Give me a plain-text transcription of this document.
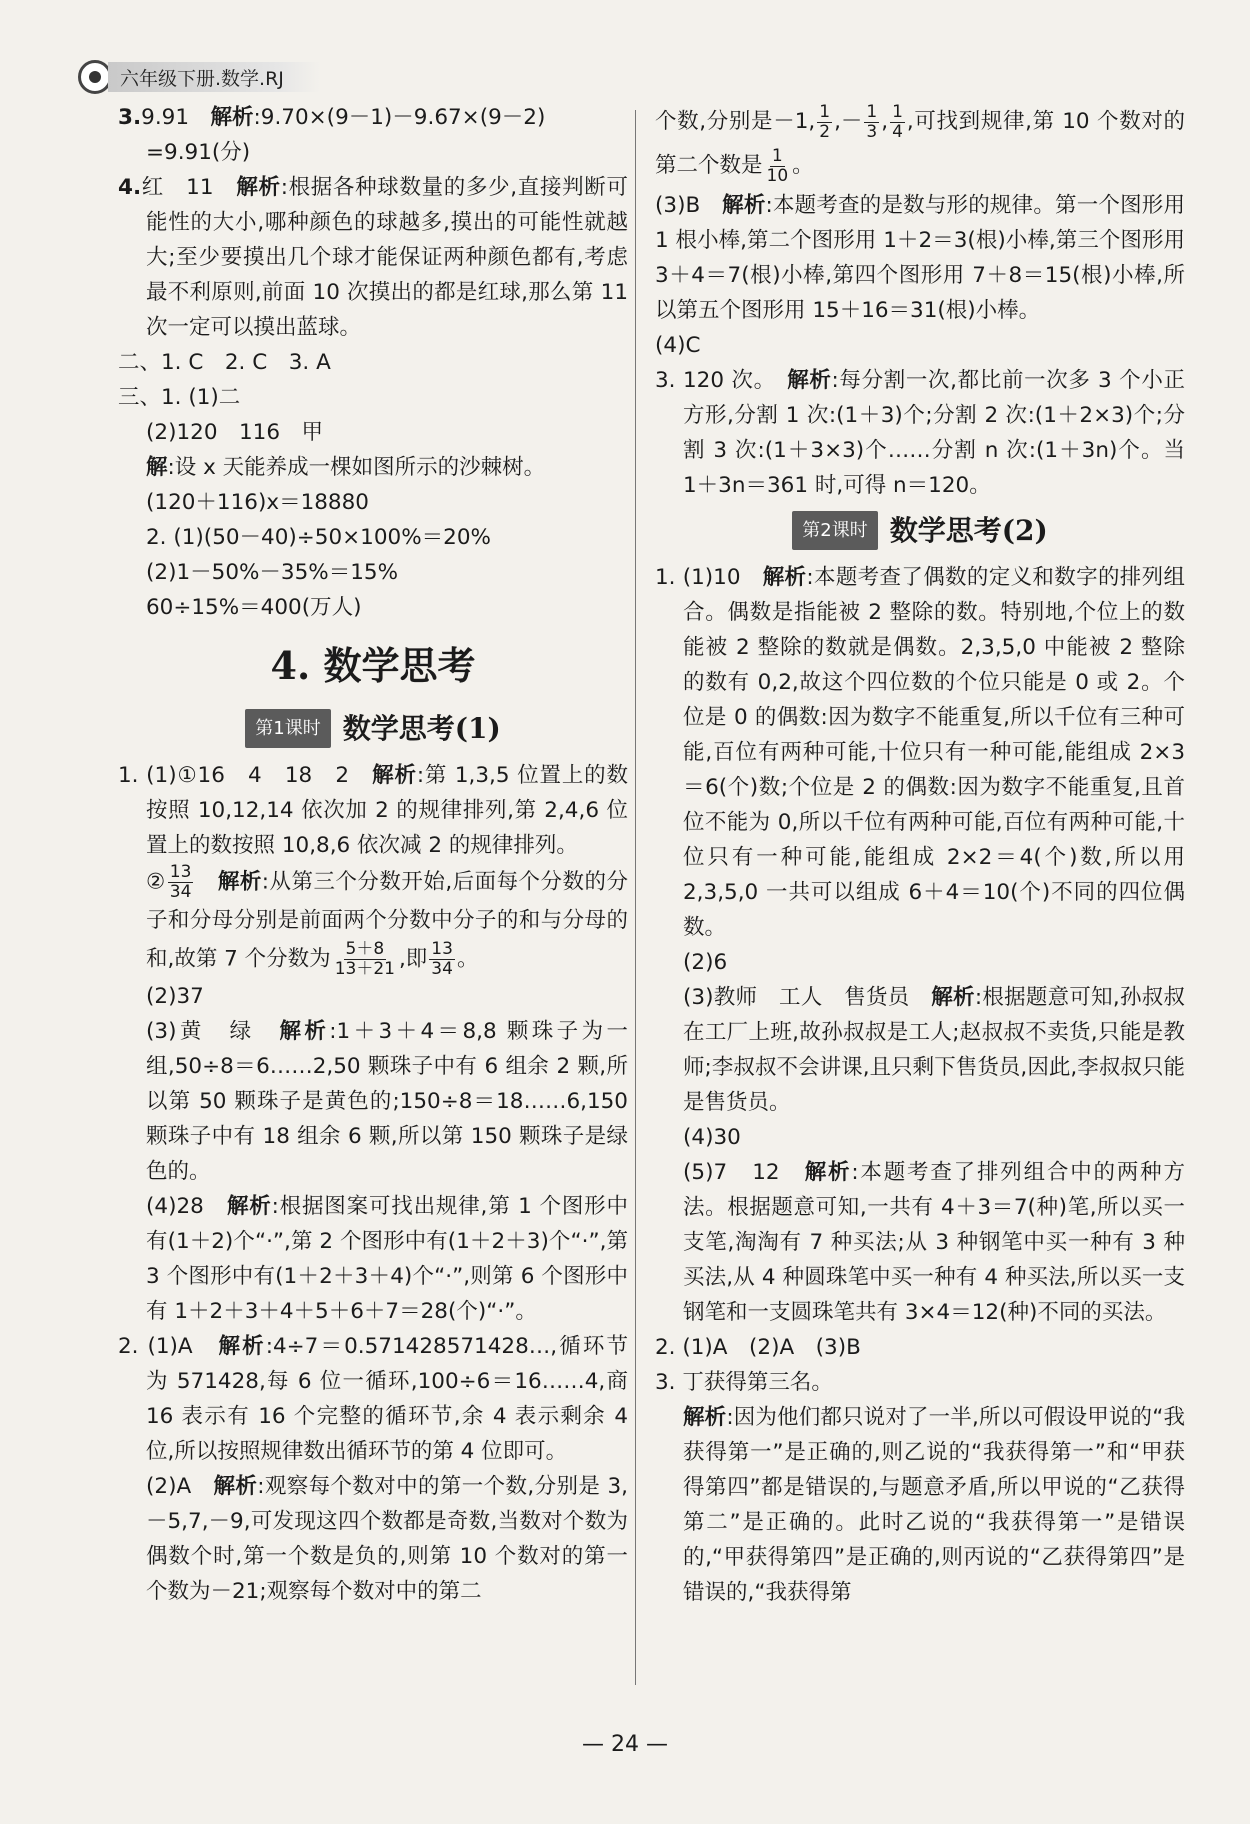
六年级下册.数学.RJ

3.9.91　 解析:9.70×(9－1)－9.67×(9－2)

=9.91(分)

4.红　11　 解析:根据各种球数量的多少,直接判断可能性的大小,哪种颜色的球越多,摸出的可能性就越大;至少要摸出几个球才能保证两种颜色都有,考虑最不利原则,前面 10 次摸出的都是红球,那么第 11 次一定可以摸出蓝球。

二、1. C　2. C　3. A

三、1. (1)二

(2)120　116　甲

解:设 x 天能养成一棵如图所示的沙棘树。

(120＋116)x＝18880

2. (1)(50－40)÷50×100%＝20%

(2)1－50%－35%＝15%

60÷15%＝400(万人)

4. 数学思考
第1课时 数学思考(1)

1. (1)①16　4　18　2　 解析:第 1,3,5 位置上的数按照 10,12,14 依次加 2 的规律排列,第 2,4,6 位置上的数按照 10,8,6 依次减 2 的规律排列。

② $\frac{13}{34}$
　 解析:从第三个分数开始,后面每个分数的分子和分母分别是前面两个分数中分子的和与分母的和,故第 7 个分数为 $\frac{5+8}{13+21}$ ,即 $\frac{13}{34}$ 。

(2)37

(3)黄　绿　 解析:1＋3＋4＝8,8 颗珠子为一组,50÷8＝6……2,50 颗珠子中有 6 组余 2 颗,所以第 50 颗珠子是黄色的;150÷8＝18……6,150 颗珠子中有 18 组余 6 颗,所以第 150 颗珠子是绿色的。

(4)28　 解析:根据图案可找出规律,第 1 个图形中有(1＋2)个“·”,第 2 个图形中有(1＋2＋3)个“·”,第 3 个图形中有(1＋2＋3＋4)个“·”,则第 6 个图形中有 1＋2＋3＋4＋5＋6＋7＝28(个)“·”。

2. (1)A　 解析:4÷7＝0.571428571428…,循环节为 571428,每 6 位一循环,100÷6＝16……4,商 16 表示有 16 个完整的循环节,余 4 表示剩余 4 位,所以按照规律数出循环节的第 4 位即可。

(2)A　 解析:观察每个数对中的第一个数,分别是 3,－5,7,－9,可发现这四个数都是奇数,当数对个数为偶数个时,第一个数是负的,则第 10 个数对的第一个数为－21;观察每个数对中的第二

个数,分别是－1, $\frac{1}{2}$ ,－ $\frac{1}{3}$ , $\frac{1}{4}$ ,可找到规律,第 10 个数对的第二个数是 $\frac{1}{10}$ 。

(3)B　 解析:本题考查的是数与形的规律。第一个图形用 1 根小棒,第二个图形用 1＋2＝3(根)小棒,第三个图形用 3＋4＝7(根)小棒,第四个图形用 7＋8＝15(根)小棒,所以第五个图形用 15＋16＝31(根)小棒。

(4)C

3. 120 次。　 解析:每分割一次,都比前一次多 3 个小正方形,分割 1 次:(1＋3)个;分割 2 次:(1＋2×3)个;分割 3 次:(1＋3×3)个……分割 n 次:(1＋3n)个。当 1＋3n＝361 时,可得 n＝120。

第2课时 数学思考(2)

1. (1)10　 解析:本题考查了偶数的定义和数字的排列组合。偶数是指能被 2 整除的数。特别地,个位上的数能被 2 整除的数就是偶数。2,3,5,0 中能被 2 整除的数有 0,2,故这个四位数的个位只能是 0 或 2。个位是 0 的偶数:因为数字不能重复,所以千位有三种可能,百位有两种可能,十位只有一种可能,能组成 2×3＝6(个)数;个位是 2 的偶数:因为数字不能重复,且首位不能为 0,所以千位有两种可能,百位有两种可能,十位只有一种可能,能组成 2×2＝4(个)数,所以用 2,3,5,0 一共可以组成 6＋4＝10(个)不同的四位偶数。

(2)6

(3)教师　工人　售货员　 解析:根据题意可知,孙叔叔在工厂上班,故孙叔叔是工人;赵叔叔不卖货,只能是教师;李叔叔不会讲课,且只剩下售货员,因此,李叔叔只能是售货员。

(4)30

(5)7　12　 解析:本题考查了排列组合中的两种方法。根据题意可知,一共有 4＋3＝7(种)笔,所以买一支笔,淘淘有 7 种买法;从 3 种钢笔中买一种有 3 种买法,从 4 种圆珠笔中买一种有 4 种买法,所以买一支钢笔和一支圆珠笔共有 3×4＝12(种)不同的买法。

2. (1)A　(2)A　(3)B

3. 丁获得第三名。

解析:因为他们都只说对了一半,所以可假设甲说的“我获得第一”是正确的,则乙说的“我获得第一”和“甲获得第四”都是错误的,与题意矛盾,所以甲说的“乙获得第二”是正确的。此时乙说的“我获得第一”是错误的,“甲获得第四”是正确的,则丙说的“乙获得第四”是错误的,“我获得第

— 24 —
